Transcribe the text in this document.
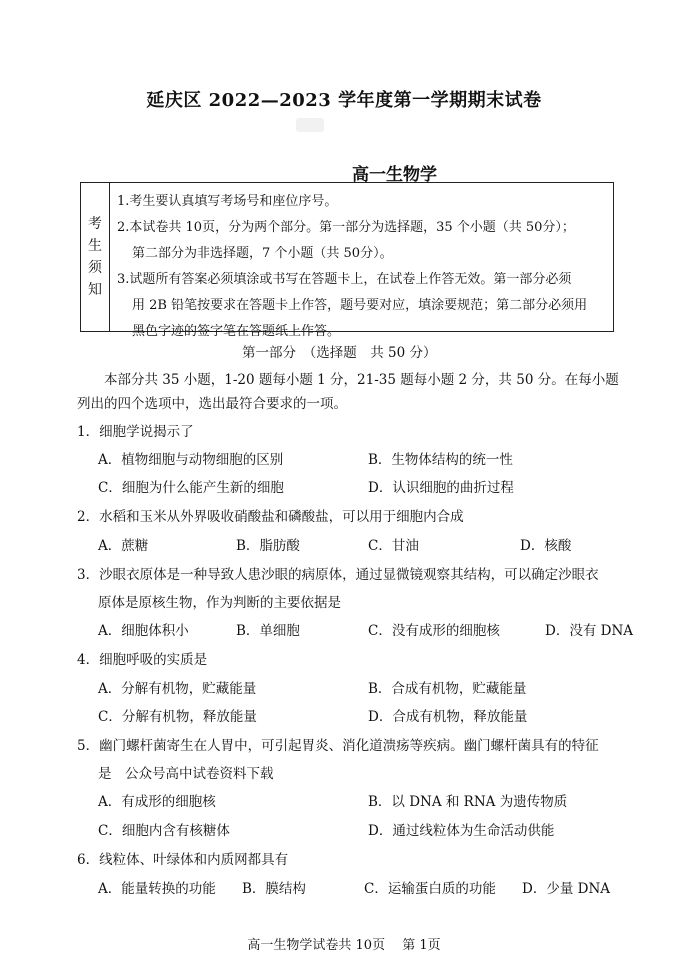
延庆区 2022—2023 学年度第一学期期末试卷
高一生物学
考
生
须
知
1.考生要认真填写考场号和座位序号。
2.本试卷共 10页，分为两个部分。第一部分为选择题，35 个小题（共 50分）；
第二部分为非选择题，7 个小题（共 50分）。
3.试题所有答案必须填涂或书写在答题卡上，在试卷上作答无效。第一部分必须
用 2B 铅笔按要求在答题卡上作答，题号要对应，填涂要规范；第二部分必须用
黑色字迹的签字笔在答题纸上作答。
第一部分　（选择题　共 50 分）
本部分共 35 小题，1-20 题每小题 1 分，21-35 题每小题 2 分，共 50 分。在每小题
列出的四个选项中，选出最符合要求的一项。
1．细胞学说揭示了
A．植物细胞与动物细胞的区别	B．生物体结构的统一性
C．细胞为什么能产生新的细胞	D．认识细胞的曲折过程
2．水稻和玉米从外界吸收硝酸盐和磷酸盐，可以用于细胞内合成
A．蔗糖	B．脂肪酸	C．甘油	D．核酸
3．沙眼衣原体是一种导致人患沙眼的病原体，通过显微镜观察其结构，可以确定沙眼衣
原体是原核生物，作为判断的主要依据是
A．细胞体积小	B．单细胞	C．没有成形的细胞核	D．没有 DNA
4．细胞呼吸的实质是
A．分解有机物，贮藏能量	B．合成有机物，贮藏能量
C．分解有机物，释放能量	D．合成有机物，释放能量
5．幽门螺杆菌寄生在人胃中，可引起胃炎、消化道溃疡等疾病。幽门螺杆菌具有的特征
是　公众号高中试卷资料下载
A．有成形的细胞核	B．以 DNA 和 RNA 为遗传物质
C．细胞内含有核糖体	D．通过线粒体为生命活动供能
6．线粒体、叶绿体和内质网都具有
A．能量转换的功能 B．膜结构	C．运输蛋白质的功能 D．少量 DNA
高一生物学试卷共 10页　 第 1页
